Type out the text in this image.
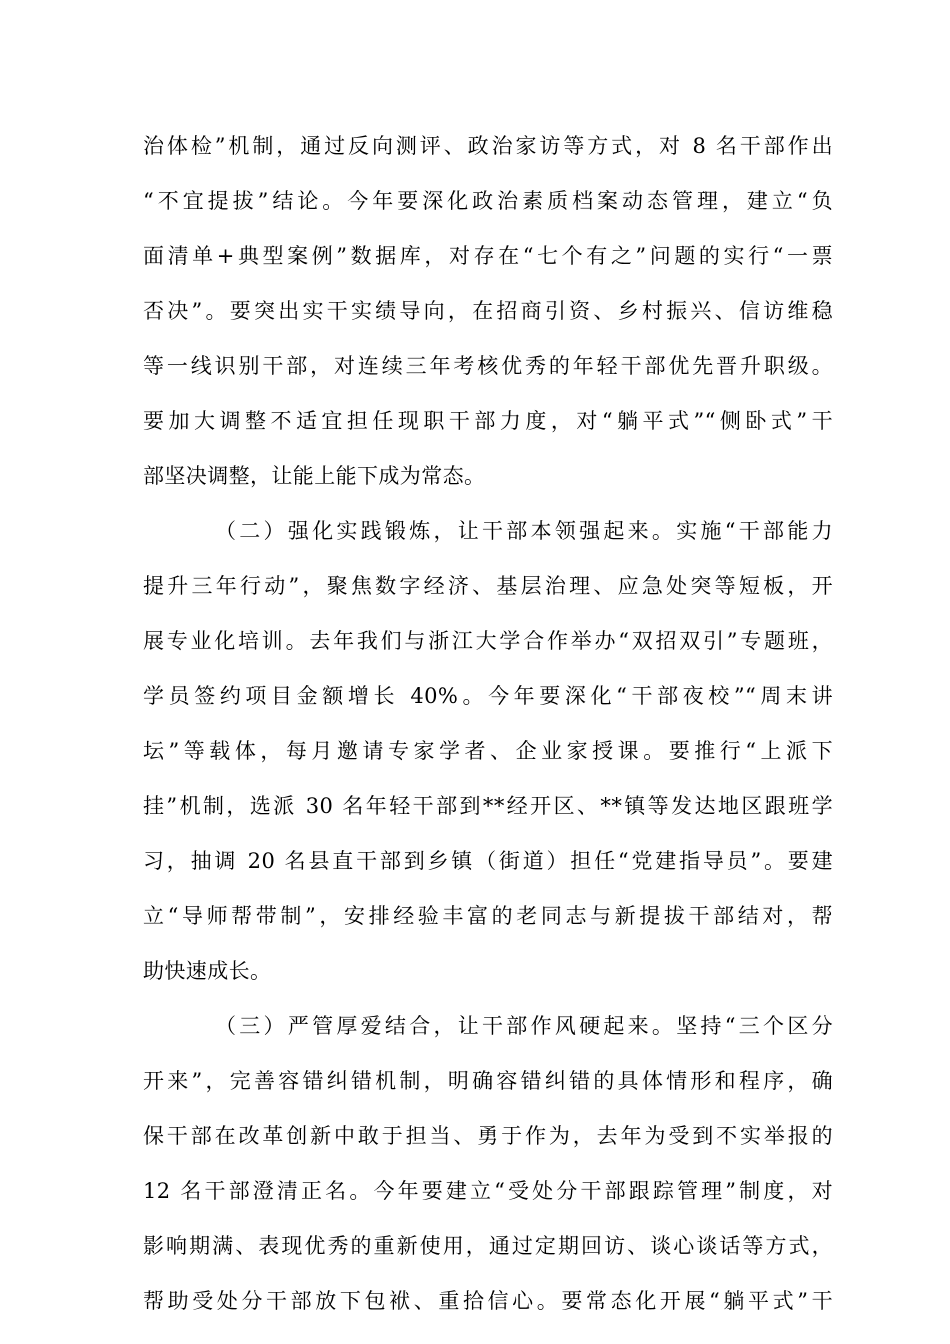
治体检”机制，通过反向测评、政治家访等方式，对 8 名干部作出
“不宜提拔”结论。今年要深化政治素质档案动态管理，建立“负
面清单+典型案例”数据库，对存在“七个有之”问题的实行“一票
否决”。要突出实干实绩导向，在招商引资、乡村振兴、信访维稳
等一线识别干部，对连续三年考核优秀的年轻干部优先晋升职级。
要加大调整不适宜担任现职干部力度，对“躺平式”“侧卧式”干
部坚决调整，让能上能下成为常态。
（二）强化实践锻炼，让干部本领强起来。实施“干部能力
提升三年行动”，聚焦数字经济、基层治理、应急处突等短板，开
展专业化培训。去年我们与浙江大学合作举办“双招双引”专题班，
学员签约项目金额增长 40%。今年要深化“干部夜校”“周末讲
坛”等载体，每月邀请专家学者、企业家授课。要推行“上派下
挂”机制，选派 30 名年轻干部到**经开区、**镇等发达地区跟班学
习，抽调 20 名县直干部到乡镇（街道）担任“党建指导员”。要建
立“导师帮带制”，安排经验丰富的老同志与新提拔干部结对，帮
助快速成长。
（三）严管厚爱结合，让干部作风硬起来。坚持“三个区分
开来”，完善容错纠错机制，明确容错纠错的具体情形和程序，确
保干部在改革创新中敢于担当、勇于作为，去年为受到不实举报的
12 名干部澄清正名。今年要建立“受处分干部跟踪管理”制度，对
影响期满、表现优秀的重新使用，通过定期回访、谈心谈话等方式，
帮助受处分干部放下包袱、重拾信心。要常态化开展“躺平式”干
